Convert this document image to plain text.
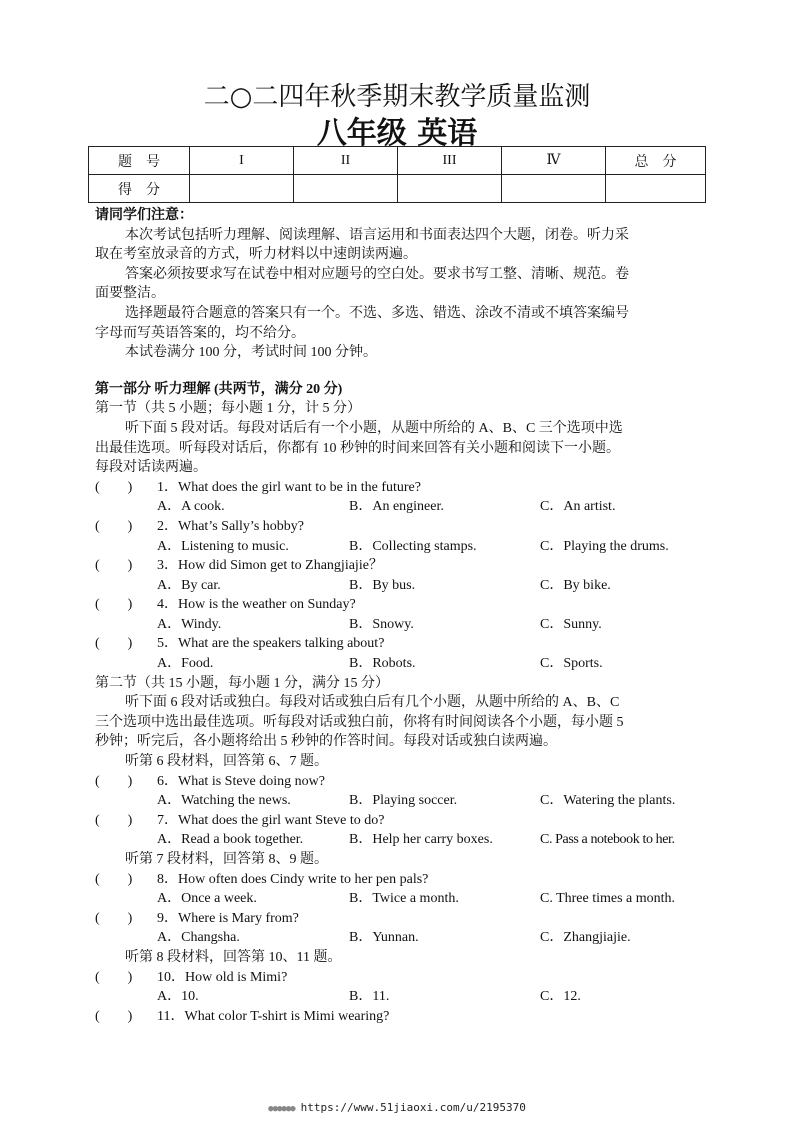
二○二四年秋季期末教学质量监测
八年级 英语
题　号	I	II	III	Ⅳ	总　分
得　分					
请同学们注意：
本次考试包括听力理解、阅读理解、语言运用和书面表达四个大题，闭卷。听力采
取在考室放录音的方式，听力材料以中速朗读两遍。
答案必须按要求写在试卷中相对应题号的空白处。要求书写工整、清晰、规范。卷
面要整洁。
选择题最符合题意的答案只有一个。不选、多选、错选、涂改不清或不填答案编号
字母而写英语答案的，均不给分。
本试卷满分 100 分，考试时间 100 分钟。
第一部分 听力理解 (共两节，满分 20 分)
第一节（共 5 小题；每小题 1 分，计 5 分）
听下面 5 段对话。每段对话后有一个小题，从题中所给的 A、B、C 三个选项中选
出最佳选项。听每段对话后，你都有 10 秒钟的时间来回答有关小题和阅读下一小题。
每段对话读两遍。
(　　)	1．What does the girl want to be in the future?
A．A cook.	B．An engineer.	C．An artist.
(　　)	2．What’s Sally’s hobby?
A．Listening to music.	B．Collecting stamps.	C．Playing the drums.
(　　)	3．How did Simon get to Zhangjiajie？
A．By car.	B．By bus.	C．By bike.
(　　)	4．How is the weather on Sunday?
A．Windy.	B．Snowy.	C．Sunny.
(　　)	5．What are the speakers talking about?
A．Food.	B．Robots.	C．Sports.
第二节（共 15 小题，每小题 1 分，满分 15 分）
听下面 6 段对话或独白。每段对话或独白后有几个小题，从题中所给的 A、B、C
三个选项中选出最佳选项。听每段对话或独白前，你将有时间阅读各个小题，每小题 5
秒钟；听完后，各小题将给出 5 秒钟的作答时间。每段对话或独白读两遍。
听第 6 段材料，回答第 6、7 题。
(　　)	6．What is Steve doing now?
A．Watching the news.	B．Playing soccer.	C．Watering the plants.
(　　)	7．What does the girl want Steve to do?
A．Read a book together.	B．Help her carry boxes.	C. Pass a notebook to her.
听第 7 段材料，回答第 8、9 题。
(　　)	8．How often does Cindy write to her pen pals?
A．Once a week.	B．Twice a month.	C. Three times a month.
(　　)	9．Where is Mary from?
A．Changsha.	B．Yunnan.	C．Zhangjiajie.
听第 8 段材料，回答第 10、11 题。
(　　)	10．How old is Mimi?
A．10.	B．11.	C．12.
(　　)	11．What color T-shirt is Mimi wearing?
●●●●●● https://www.51jiaoxi.com/u/2195370
